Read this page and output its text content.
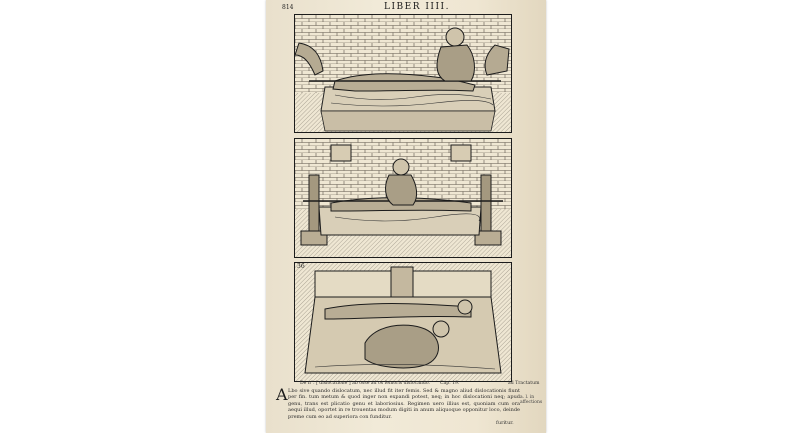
814	LIBER IIII.
36
De n°. [ dislocatione ] ab osse ad os femoris dislocando. Cap. 19.	ad Tractatum
A Lbo sive quando dislocatum, nec illud fit iter femis. Sed & magno aliud dislocationis fiunt per fin. tum metum & quod inger non expandi potest, neq; in hoc dislocationi neq; apud genu, trans est plicatio genu et laboriosius. Regimen uero illius est, quoniam cum ora aequi illud, oportet in re trouentas modum digiti in anum aliquoque opponitur loco, deinde preme cum eo ad superiora con funditur.
a. l. in affections
furitur.
